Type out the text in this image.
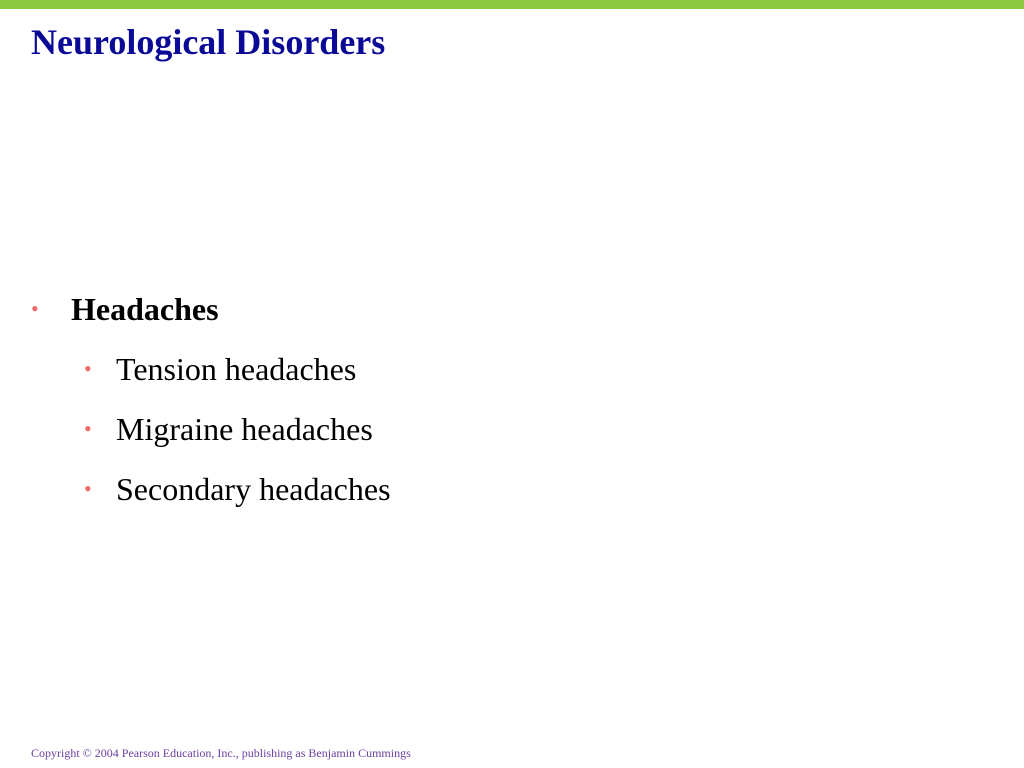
Neurological Disorders
• Headaches
• Tension headaches
• Migraine headaches
• Secondary headaches
Copyright © 2004 Pearson Education, Inc., publishing as Benjamin Cummings
